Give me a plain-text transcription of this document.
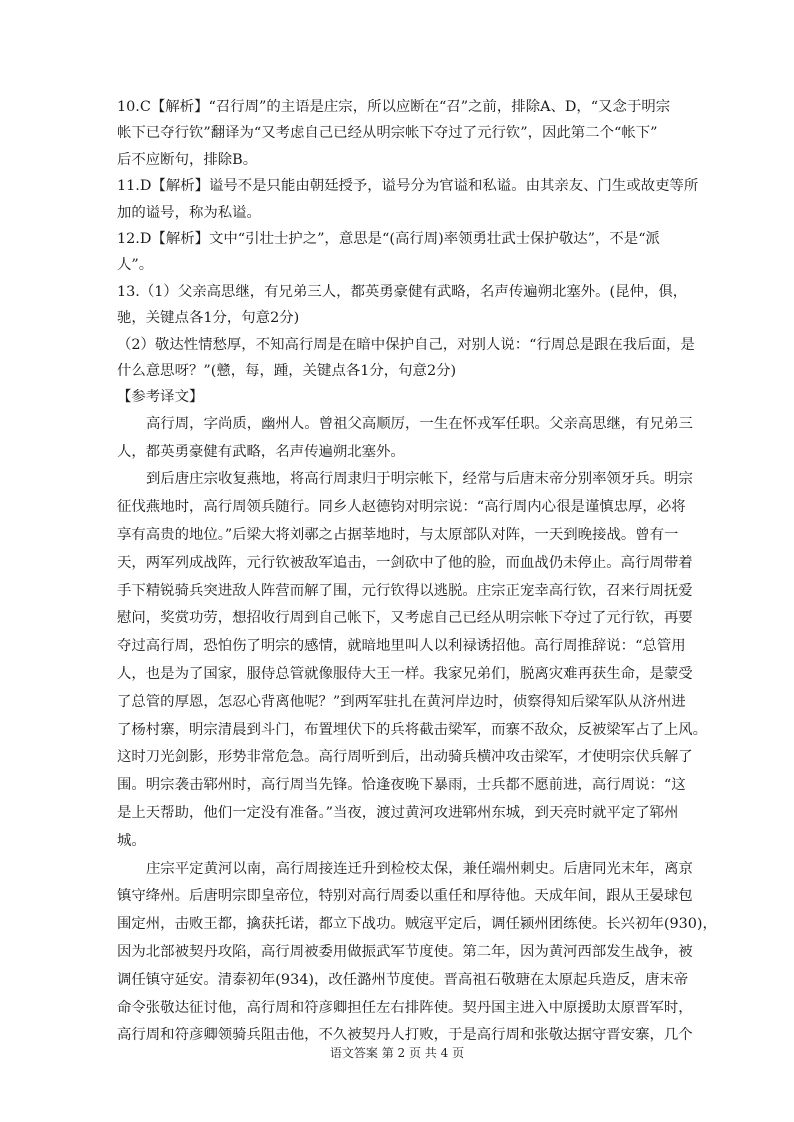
10.C【解析】“召行周”的主语是庄宗，所以应断在“召”之前，排除A、D，“又念于明宗
帐下已夺行钦”翻译为“又考虑自己已经从明宗帐下夺过了元行钦”，因此第二个“帐下”
后不应断句，排除B。
11.D【解析】谥号不是只能由朝廷授予，谥号分为官谥和私谥。由其亲友、门生或故吏等所
加的谥号，称为私谥。
12.D【解析】文中“引壮士护之”，意思是“(高行周)率领勇壮武士保护敬达”，不是“派
人”。
13.（1）父亲高思继，有兄弟三人，都英勇豪健有武略，名声传遍朔北塞外。(昆仲，俱，
驰，关键点各1分，句意2分)
（2）敬达性情愁厚，不知高行周是在暗中保护自己，对别人说：“行周总是跟在我后面，是
什么意思呀？”(戆，每，踵，关键点各1分，句意2分)
【参考译文】
高行周，字尚质，幽州人。曾祖父高顺厉，一生在怀戎军任职。父亲高思继，有兄弟三
人，都英勇豪健有武略，名声传遍朔北塞外。
到后唐庄宗收复燕地，将高行周隶归于明宗帐下，经常与后唐末帝分别率领牙兵。明宗
征伐燕地时，高行周领兵随行。同乡人赵德钧对明宗说：“高行周内心很是谨慎忠厚，必将
享有高贵的地位。”后梁大将刘鄩之占据莘地时，与太原部队对阵，一天到晚接战。曾有一
天，两军列成战阵，元行钦被敌军追击，一剑砍中了他的脸，而血战仍未停止。高行周带着
手下精锐骑兵突进敌人阵营而解了围，元行钦得以逃脱。庄宗正宠幸高行钦，召来行周抚爱
慰问，奖赏功劳，想招收行周到自己帐下，又考虑自己已经从明宗帐下夺过了元行钦，再要
夺过高行周，恐怕伤了明宗的感情，就暗地里叫人以利禄诱招他。高行周推辞说：“总管用
人，也是为了国家，服侍总管就像服侍大王一样。我家兄弟们，脱离灾难再获生命，是蒙受
了总管的厚恩，怎忍心背离他呢？”到两军驻扎在黄河岸边时，侦察得知后梁军队从济州进
了杨村寨，明宗清晨到斗门，布置埋伏下的兵将截击梁军，而寨不敌众，反被梁军占了上风。
这时刀光剑影，形势非常危急。高行周听到后，出动骑兵横冲攻击梁军，才使明宗伏兵解了
围。明宗袭击郓州时，高行周当先锋。恰逢夜晚下暴雨，士兵都不愿前进，高行周说：“这
是上天帮助，他们一定没有准备。”当夜，渡过黄河攻进郓州东城，到天亮时就平定了郓州
城。
庄宗平定黄河以南，高行周接连迁升到检校太保，兼任端州刺史。后唐同光末年，离京
镇守绛州。后唐明宗即皇帝位，特别对高行周委以重任和厚待他。天成年间，跟从王晏球包
围定州，击败王都，擒获托诺，都立下战功。贼寇平定后，调任颍州团练使。长兴初年(930)，
因为北部被契丹攻陷，高行周被委用做振武军节度使。第二年，因为黄河西部发生战争，被
调任镇守延安。清泰初年(934)，改任潞州节度使。晋高祖石敬瑭在太原起兵造反，唐末帝
命令张敬达征讨他，高行周和符彦卿担任左右排阵使。契丹国主进入中原援助太原晋军时，
高行周和符彦卿领骑兵阻击他，不久被契丹人打败，于是高行周和张敬达据守晋安寨，几个
语文答案 第 2 页 共 4 页
